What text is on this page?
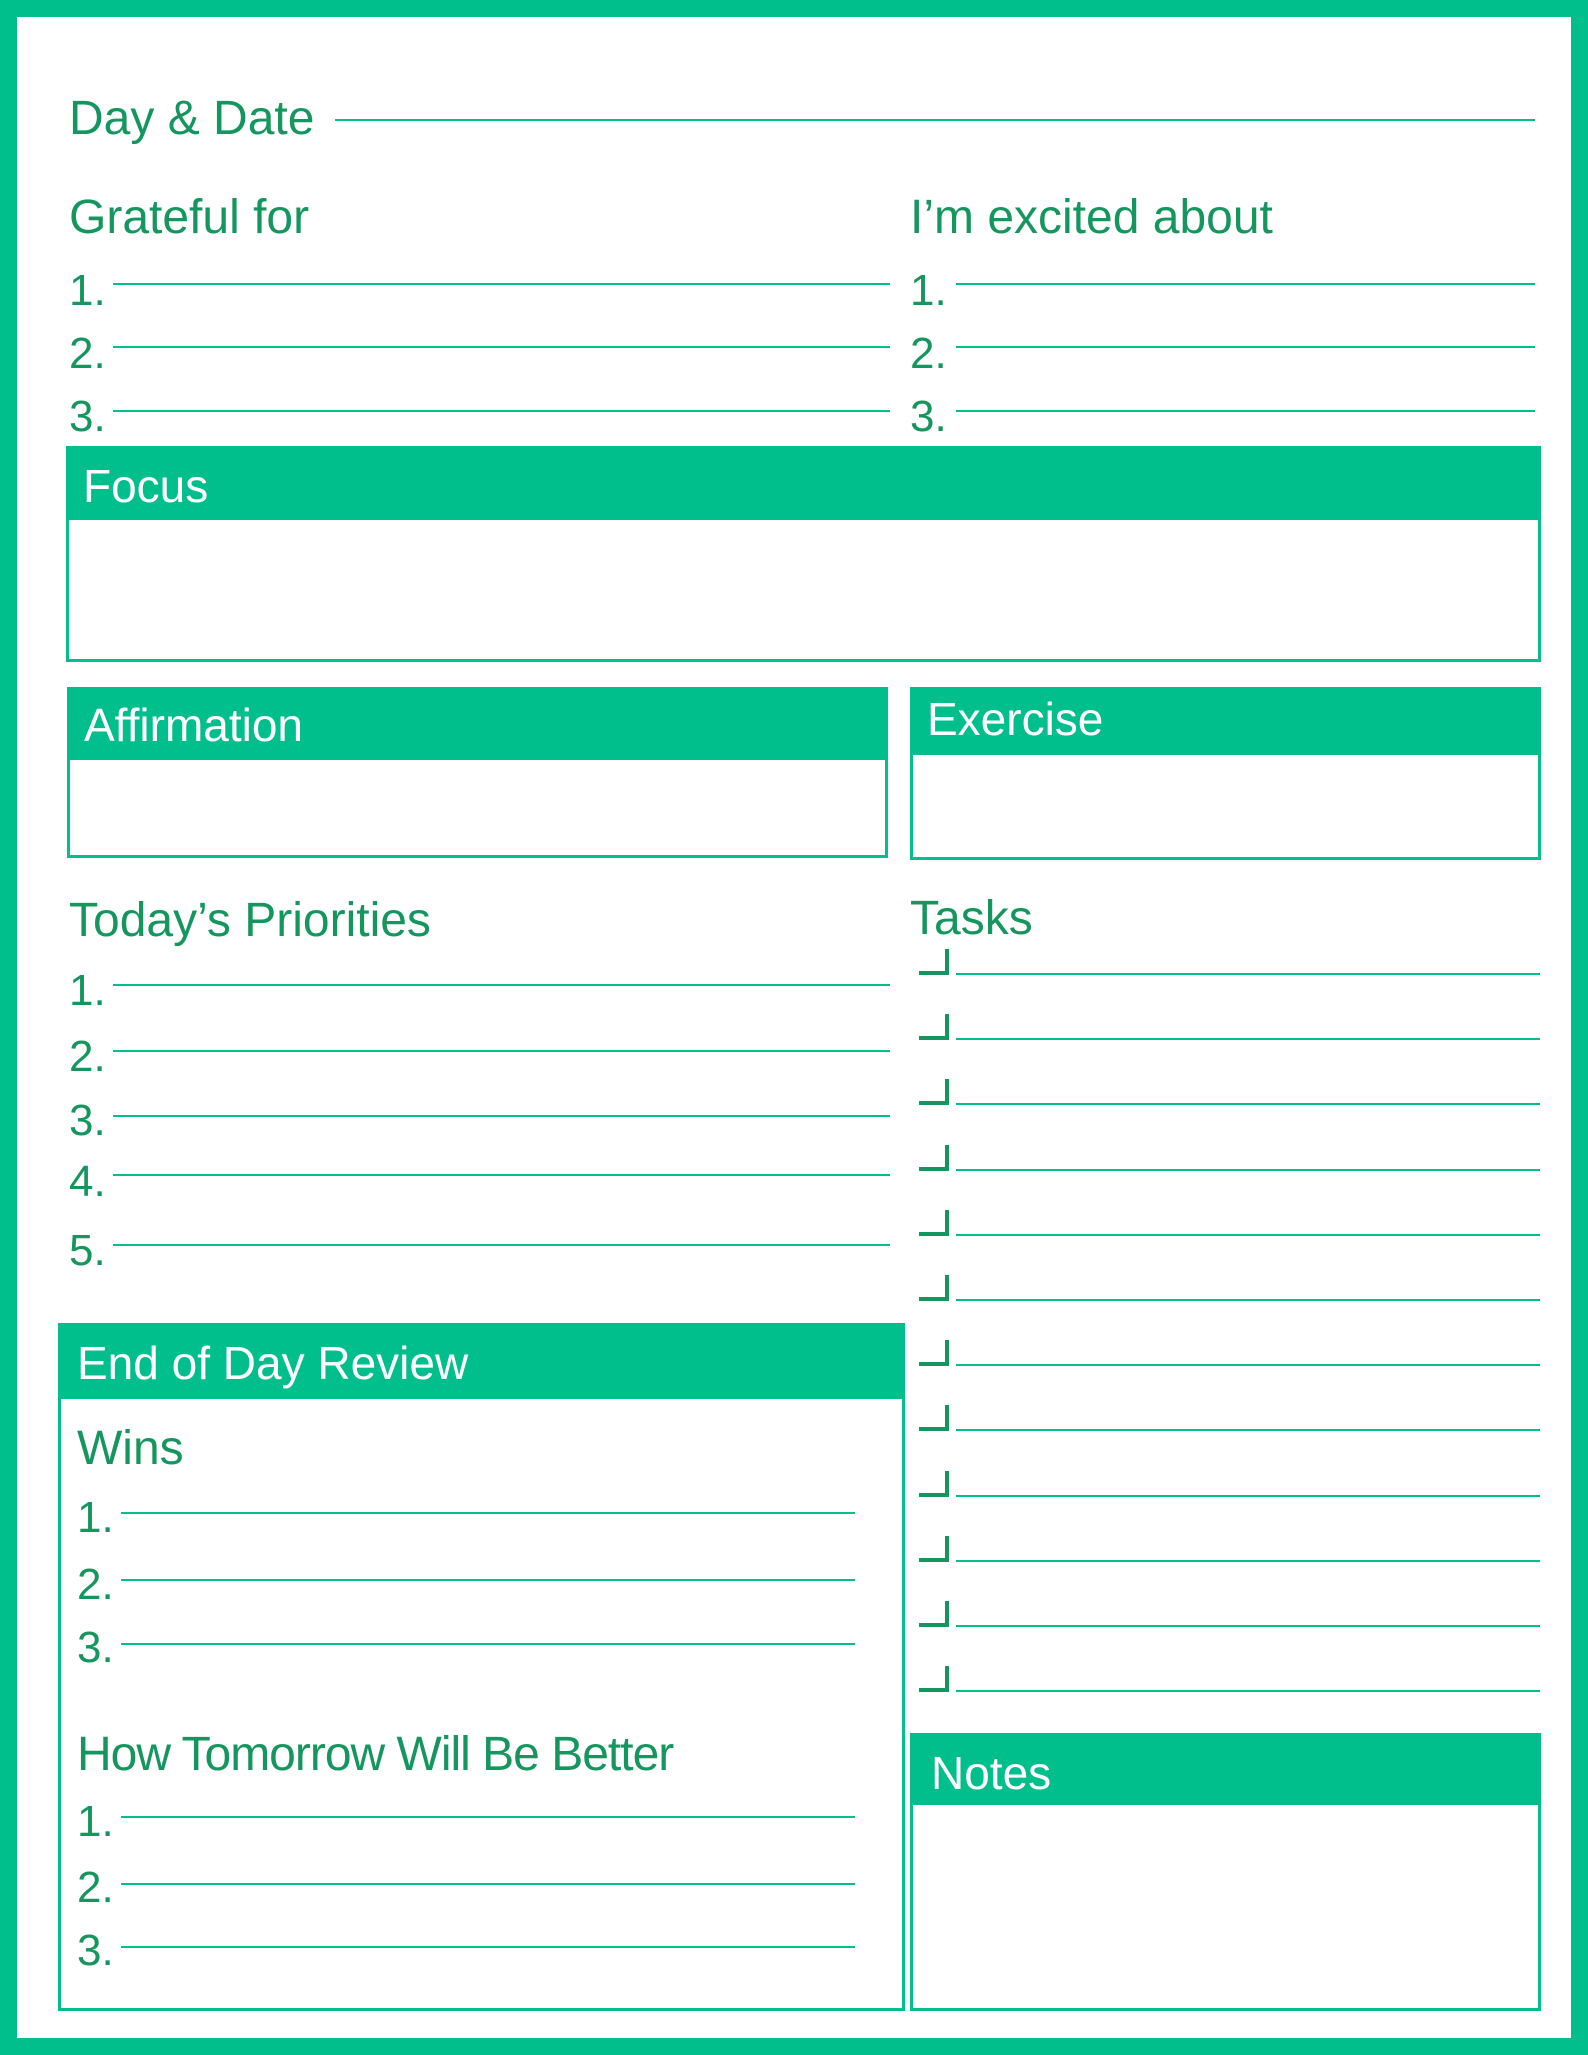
Day & Date
Grateful for
1.
2.
3.
I’m excited about
1.
2.
3.
Focus
Affirmation	Exercise
Today’s Priorities
1.
2.
3.
4.
5.
Tasks
End of Day Review
Wins
1.
2.
3.
How Tomorrow Will Be Better
1.
2.
3.
Notes
